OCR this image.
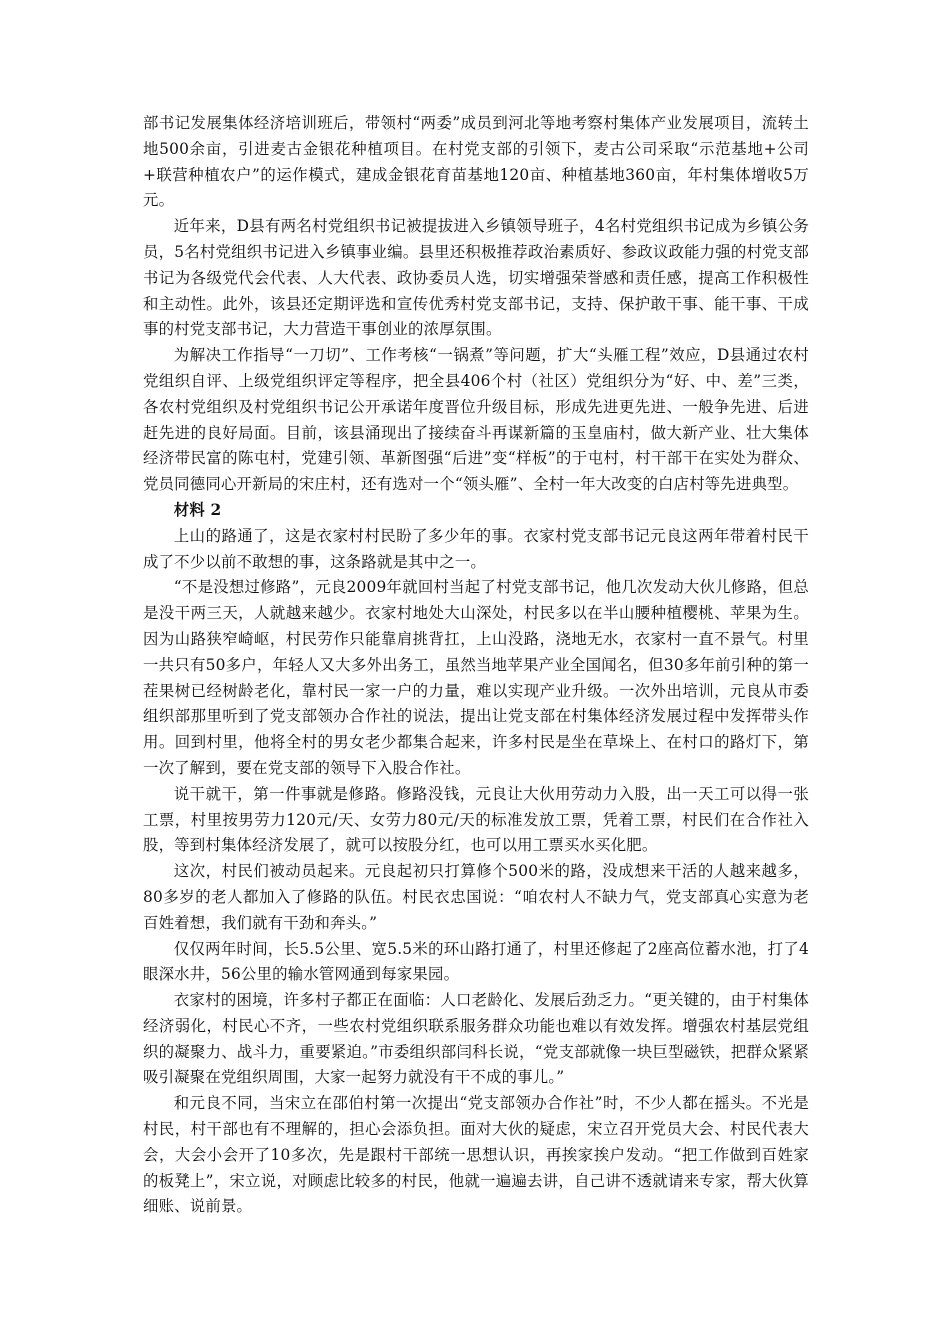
部书记发展集体经济培训班后，带领村“两委”成员到河北等地考察村集体产业发展项目，流转土地500余亩，引进麦古金银花种植项目。在村党支部的引领下，麦古公司采取“示范基地+公司+联营种植农户”的运作模式，建成金银花育苗基地120亩、种植基地360亩，年村集体增收5万元。

近年来，D县有两名村党组织书记被提拔进入乡镇领导班子，4名村党组织书记成为乡镇公务员，5名村党组织书记进入乡镇事业编。县里还积极推荐政治素质好、参政议政能力强的村党支部书记为各级党代会代表、人大代表、政协委员人选，切实增强荣誉感和责任感，提高工作积极性和主动性。此外，该县还定期评选和宣传优秀村党支部书记，支持、保护敢干事、能干事、干成事的村党支部书记，大力营造干事创业的浓厚氛围。

为解决工作指导“一刀切”、工作考核“一锅煮”等问题，扩大“头雁工程”效应，D县通过农村党组织自评、上级党组织评定等程序，把全县406个村（社区）党组织分为“好、中、差”三类，各农村党组织及村党组织书记公开承诺年度晋位升级目标，形成先进更先进、一般争先进、后进赶先进的良好局面。目前，该县涌现出了接续奋斗再谋新篇的玉皇庙村，做大新产业、壮大集体经济带民富的陈屯村，党建引领、革新图强“后进”变“样板”的于屯村，村干部干在实处为群众、党员同德同心开新局的宋庄村，还有选对一个“领头雁”、全村一年大改变的白店村等先进典型。

材料 2

上山的路通了，这是衣家村村民盼了多少年的事。衣家村党支部书记元良这两年带着村民干成了不少以前不敢想的事，这条路就是其中之一。

“不是没想过修路”，元良2009年就回村当起了村党支部书记，他几次发动大伙儿修路，但总是没干两三天，人就越来越少。衣家村地处大山深处，村民多以在半山腰种植樱桃、苹果为生。因为山路狭窄崎岖，村民劳作只能靠肩挑背扛，上山没路，浇地无水，衣家村一直不景气。村里一共只有50多户，年轻人又大多外出务工，虽然当地苹果产业全国闻名，但30多年前引种的第一茬果树已经树龄老化，靠村民一家一户的力量，难以实现产业升级。一次外出培训，元良从市委组织部那里听到了党支部领办合作社的说法，提出让党支部在村集体经济发展过程中发挥带头作用。回到村里，他将全村的男女老少都集合起来，许多村民是坐在草垛上、在村口的路灯下，第一次了解到，要在党支部的领导下入股合作社。

说干就干，第一件事就是修路。修路没钱，元良让大伙用劳动力入股，出一天工可以得一张工票，村里按男劳力120元/天、女劳力80元/天的标准发放工票，凭着工票，村民们在合作社入股，等到村集体经济发展了，就可以按股分红，也可以用工票买水买化肥。

这次，村民们被动员起来。元良起初只打算修个500米的路，没成想来干活的人越来越多，80多岁的老人都加入了修路的队伍。村民衣忠国说：“咱农村人不缺力气，党支部真心实意为老百姓着想，我们就有干劲和奔头。”

仅仅两年时间，长5.5公里、宽5.5米的环山路打通了，村里还修起了2座高位蓄水池，打了4眼深水井，56公里的输水管网通到每家果园。

衣家村的困境，许多村子都正在面临：人口老龄化、发展后劲乏力。“更关键的，由于村集体经济弱化，村民心不齐，一些农村党组织联系服务群众功能也难以有效发挥。增强农村基层党组织的凝聚力、战斗力，重要紧迫。”市委组织部闫科长说，“党支部就像一块巨型磁铁，把群众紧紧吸引凝聚在党组织周围，大家一起努力就没有干不成的事儿。”

和元良不同，当宋立在邵伯村第一次提出“党支部领办合作社”时，不少人都在摇头。不光是村民，村干部也有不理解的，担心会添负担。面对大伙的疑虑，宋立召开党员大会、村民代表大会，大会小会开了10多次，先是跟村干部统一思想认识，再挨家挨户发动。“把工作做到百姓家的板凳上”，宋立说，对顾虑比较多的村民，他就一遍遍去讲，自己讲不透就请来专家，帮大伙算细账、说前景。
